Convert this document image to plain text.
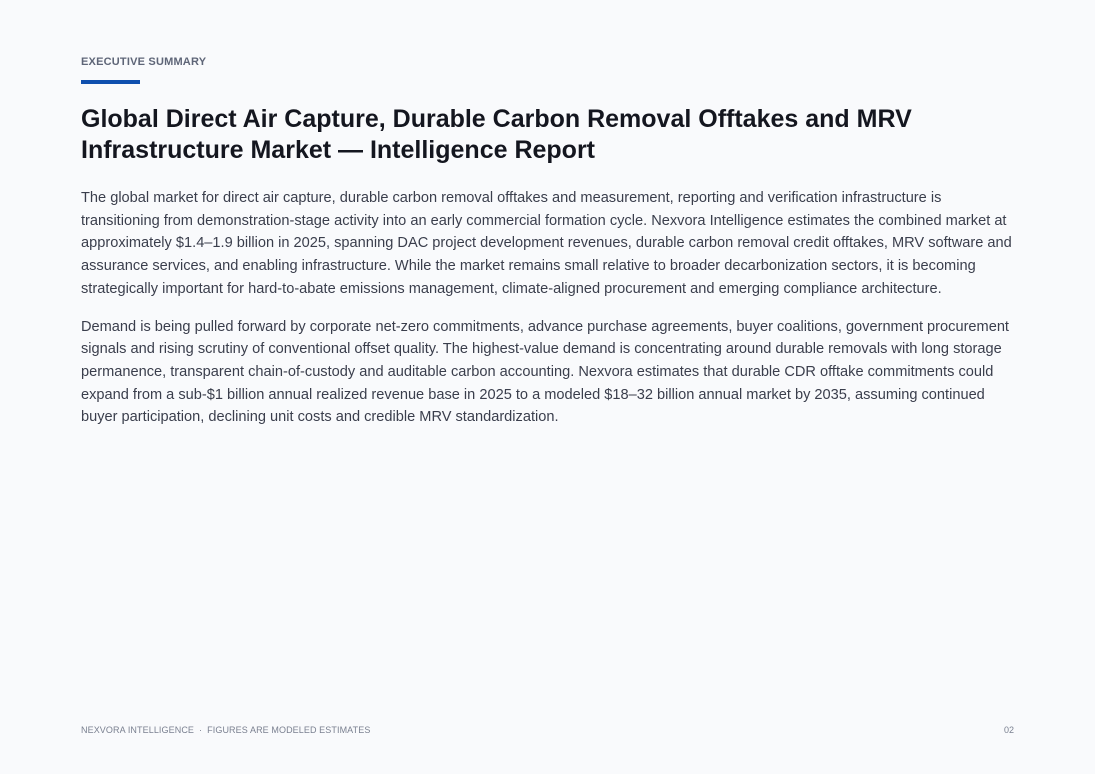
EXECUTIVE SUMMARY
Global Direct Air Capture, Durable Carbon Removal Offtakes and MRV
Infrastructure Market — Intelligence Report

The global market for direct air capture, durable carbon removal offtakes and measurement, reporting and verification infrastructure is transitioning from demonstration-stage activity into an early commercial formation cycle. Nexvora Intelligence estimates the combined market at approximately $1.4–1.9 billion in 2025, spanning DAC project development revenues, durable carbon removal credit offtakes, MRV software and assurance services, and enabling infrastructure. While the market remains small relative to broader decarbonization sectors, it is becoming strategically important for hard-to-abate emissions management, climate-aligned procurement and emerging compliance architecture.

Demand is being pulled forward by corporate net-zero commitments, advance purchase agreements, buyer coalitions, government procurement signals and rising scrutiny of conventional offset quality. The highest-value demand is concentrating around durable removals with long storage permanence, transparent chain-of-custody and auditable carbon accounting. Nexvora estimates that durable CDR offtake commitments could expand from a sub-$1 billion annual realized revenue base in 2025 to a modeled $18–32 billion annual market by 2035, assuming continued buyer participation, declining unit costs and credible MRV standardization.

NEXVORA INTELLIGENCE · FIGURES ARE MODELED ESTIMATES	02
